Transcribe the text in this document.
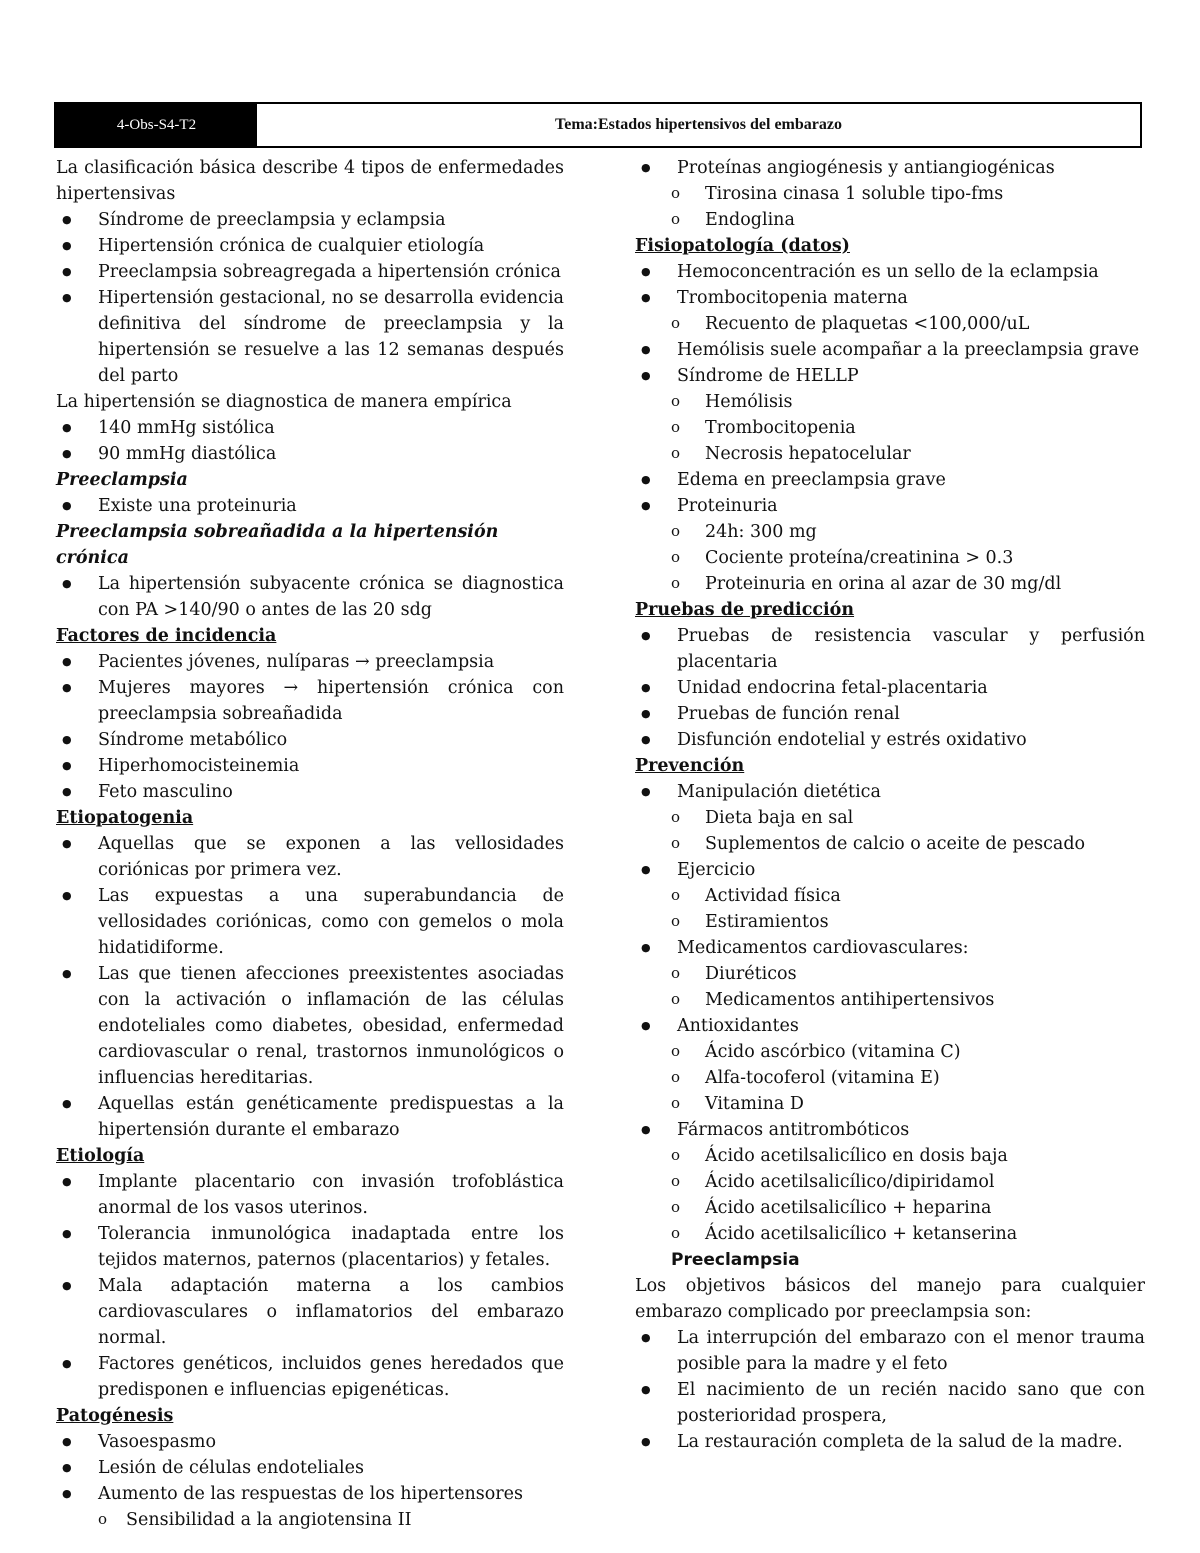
4-Obs-S4-T2	Tema:Estados hipertensivos del embarazo
La clasificación básica describe 4 tipos de enfermedades hipertensivas
● Síndrome de preeclampsia y eclampsia
● Hipertensión crónica de cualquier etiología
● Preeclampsia sobreagregada a hipertensión crónica
● Hipertensión gestacional, no se desarrolla evidencia definitiva del síndrome de preeclampsia y la hipertensión se resuelve a las 12 semanas después del parto
La hipertensión se diagnostica de manera empírica
● 140 mmHg sistólica
● 90 mmHg diastólica
Preeclampsia
● Existe una proteinuria
Preeclampsia sobreañadida a la hipertensión crónica
● La hipertensión subyacente crónica se diagnostica con PA >140/90 o antes de las 20 sdg
Factores de incidencia
● Pacientes jóvenes, nulíparas → preeclampsia
● Mujeres mayores → hipertensión crónica con preeclampsia sobreañadida
● Síndrome metabólico
● Hiperhomocisteinemia
● Feto masculino
Etiopatogenia
● Aquellas que se exponen a las vellosidades coriónicas por primera vez.
● Las expuestas a una superabundancia de vellosidades coriónicas, como con gemelos o mola hidatidiforme.
● Las que tienen afecciones preexistentes asociadas con la activación o inflamación de las células endoteliales como diabetes, obesidad, enfermedad cardiovascular o renal, trastornos inmunológicos o influencias hereditarias.
● Aquellas están genéticamente predispuestas a la hipertensión durante el embarazo
Etiología
● Implante placentario con invasión trofoblástica anormal de los vasos uterinos.
● Tolerancia inmunológica inadaptada entre los tejidos maternos, paternos (placentarios) y fetales.
● Mala adaptación materna a los cambios cardiovasculares o inflamatorios del embarazo normal.
● Factores genéticos, incluidos genes heredados que predisponen e influencias epigenéticas.
Patogénesis
● Vasoespasmo
● Lesión de células endoteliales
● Aumento de las respuestas de los hipertensores
o Sensibilidad a la angiotensina II
● Proteínas angiogénesis y antiangiogénicas
o Tirosina cinasa 1 soluble tipo-fms
o Endoglina
Fisiopatología (datos)
● Hemoconcentración es un sello de la eclampsia
● Trombocitopenia materna
o Recuento de plaquetas <100,000/uL
● Hemólisis suele acompañar a la preeclampsia grave
● Síndrome de HELLP
o Hemólisis
o Trombocitopenia
o Necrosis hepatocelular
● Edema en preeclampsia grave
● Proteinuria
o 24h: 300 mg
o Cociente proteína/creatinina > 0.3
o Proteinuria en orina al azar de 30 mg/dl
Pruebas de predicción
● Pruebas de resistencia vascular y perfusión placentaria
● Unidad endocrina fetal-placentaria
● Pruebas de función renal
● Disfunción endotelial y estrés oxidativo
Prevención
● Manipulación dietética
o Dieta baja en sal
o Suplementos de calcio o aceite de pescado
● Ejercicio
o Actividad física
o Estiramientos
● Medicamentos cardiovasculares:
o Diuréticos
o Medicamentos antihipertensivos
● Antioxidantes
o Ácido ascórbico (vitamina C)
o Alfa-tocoferol (vitamina E)
o Vitamina D
● Fármacos antitrombóticos
o Ácido acetilsalicílico en dosis baja
o Ácido acetilsalicílico/dipiridamol
o Ácido acetilsalicílico + heparina
o Ácido acetilsalicílico + ketanserina
Preeclampsia
Los objetivos básicos del manejo para cualquier embarazo complicado por preeclampsia son:
● La interrupción del embarazo con el menor trauma posible para la madre y el feto
● El nacimiento de un recién nacido sano que con posterioridad prospera,
● La restauración completa de la salud de la madre.
